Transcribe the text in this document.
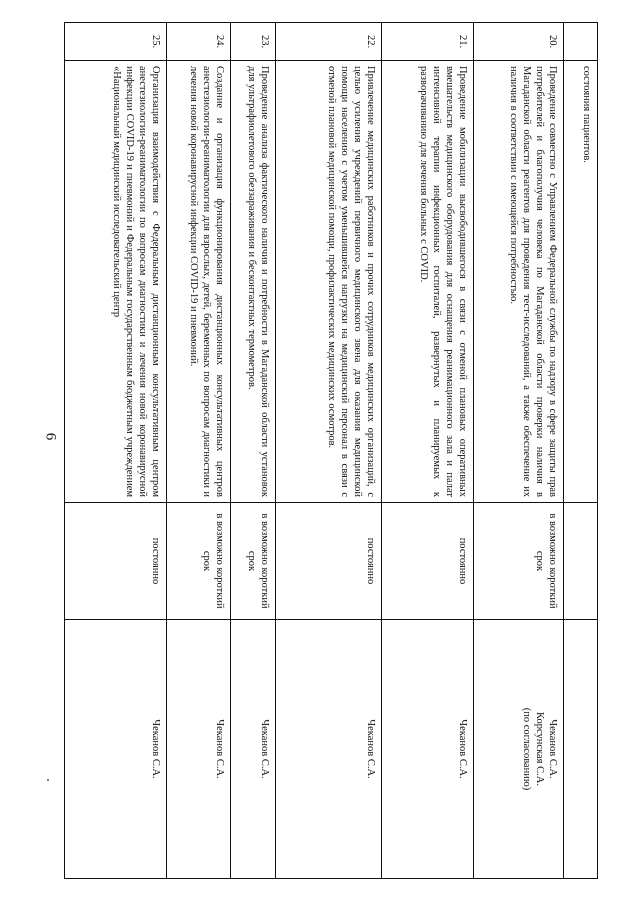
6
состояния пациентов.
20.
Проведение совместно с Управлением Федеральной службы по надзору в сфере защиты прав потребителей и благополучия человека по Магаданской области проверки наличия в Магаданской области реагентов для проведения тест-исследований, а также обеспечение их наличия в соответствии с имеющейся потребностью.
в возможно короткий срок
Чеканов С.А.
Корсунская С.А.
(по согласованию)
21.
Проведение мобилизации высвободившегося в связи с отменой плановых оперативных вмешательств медицинского оборудования для оснащения реанимационного зала и палат интенсивной терапии инфекционных госпиталей, развернутых и планируемых к разворачиванию для лечения больных с COVID.
постоянно
Чеканов С.А.
22.
Привлечение медицинских работников и прочих сотрудников медицинских организаций, с целью усиления учреждений первичного медицинского звена для оказания медицинской помощи населению с учетом уменьшившейся нагрузки на медицинский персонал в связи с отменой плановой медицинской помощи, профилактических медицинских осмотров.
постоянно
Чеканов С.А.
23.
Проведение анализа фактического наличия и потребности в Магаданской области установок для ультрафиолетового обеззараживания и бесконтактных термометров.
в возможно короткий срок
Чеканов С.А.
24.
Создание и организация функционирования дистанционных консультативных центров анестезиологии-реаниматологии для взрослых, детей, беременных по вопросам диагностики и лечения новой коронавирусной инфекции COVID-19 и пневмоний.
в возможно короткий срок
Чеканов С.А.
25.
Организация взаимодействия с Федеральным дистанционным консультативным центром анестезиологии-реаниматологии по вопросам диагностики и лечения новой коронавирусной инфекции COVID-19 и пневмоний и Федеральным государственным бюджетным учреждением «Национальный медицинский исследовательский центр
постоянно
Чеканов С.А.
